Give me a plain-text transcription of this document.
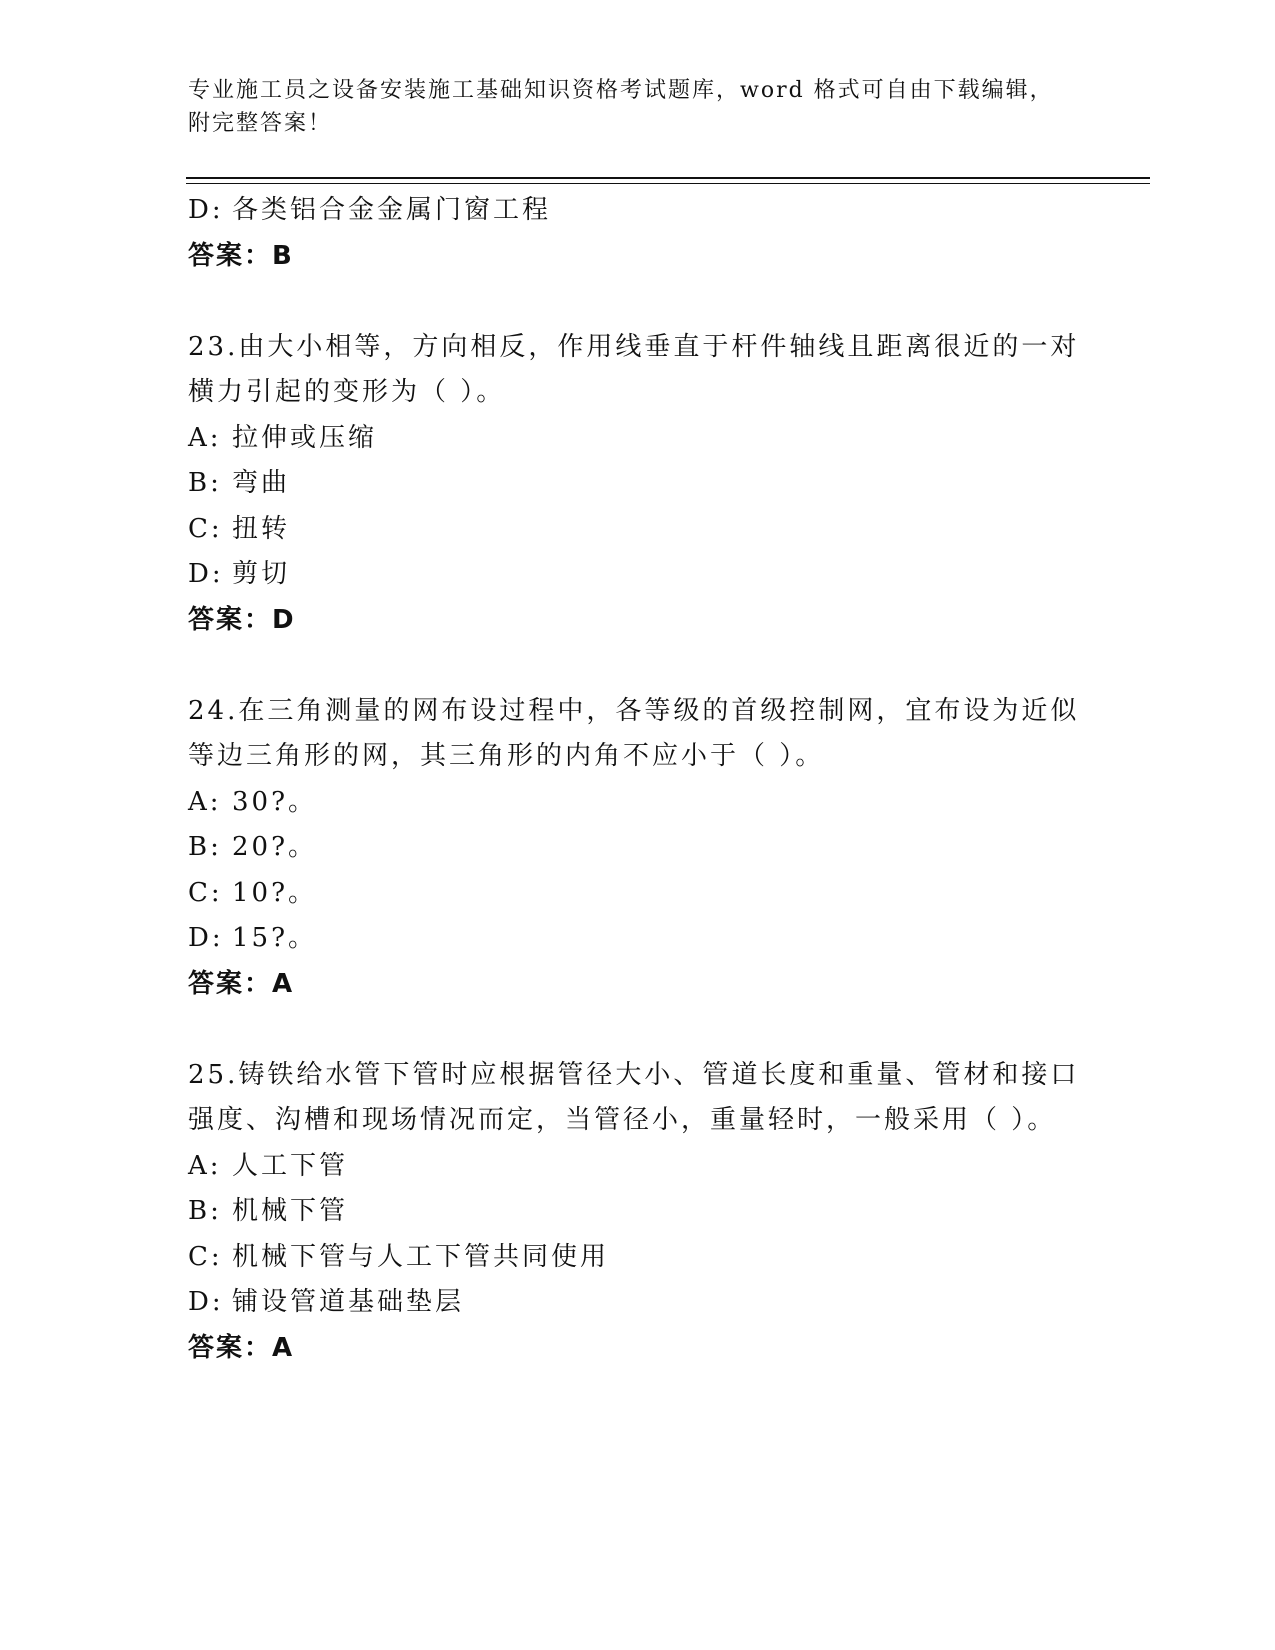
专业施工员之设备安装施工基础知识资格考试题库，word 格式可自由下载编辑，
附完整答案！
D: 各类铝合金金属门窗工程
答案：B
23.由大小相等，方向相反，作用线垂直于杆件轴线且距离很近的一对
横力引起的变形为（ ）。
A: 拉伸或压缩
B: 弯曲
C: 扭转
D: 剪切
答案：D
24.在三角测量的网布设过程中，各等级的首级控制网，宜布设为近似
等边三角形的网，其三角形的内角不应小于（ ）。
A: 30?。
B: 20?。
C: 10?。
D: 15?。
答案：A
25.铸铁给水管下管时应根据管径大小、管道长度和重量、管材和接口
强度、沟槽和现场情况而定，当管径小，重量轻时，一般采用（ ）。
A: 人工下管
B: 机械下管
C: 机械下管与人工下管共同使用
D: 铺设管道基础垫层
答案：A
